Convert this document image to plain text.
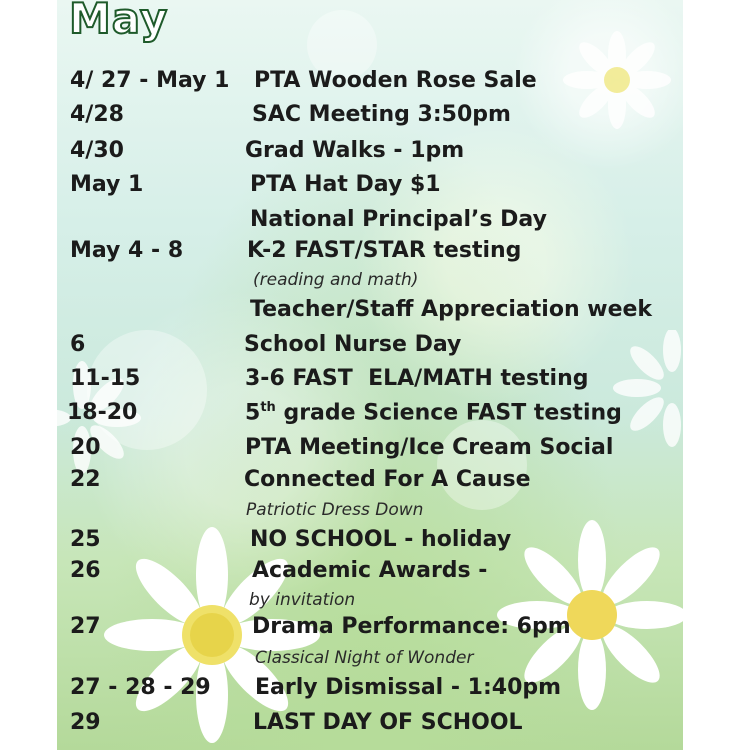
May
4/ 27 - May 1 PTA Wooden Rose Sale
4/28	SAC Meeting 3:50pm
4/30	Grad Walks - 1pm
May 1	PTA Hat Day $1
National Principal’s Day
May 4 - 8	K-2 FAST/STAR testing
(reading and math)
Teacher/Staff Appreciation week
6	School Nurse Day
11-15	3-6 FAST  ELA/MATH testing
18-20	5th grade Science FAST testing
20	PTA Meeting/Ice Cream Social
22	Connected For A Cause
Patriotic Dress Down
25	NO SCHOOL - holiday
26	Academic Awards -
by invitation
27	Drama Performance: 6pm
Classical Night of Wonder
27 - 28 - 29 Early Dismissal - 1:40pm
29	LAST DAY OF SCHOOL
